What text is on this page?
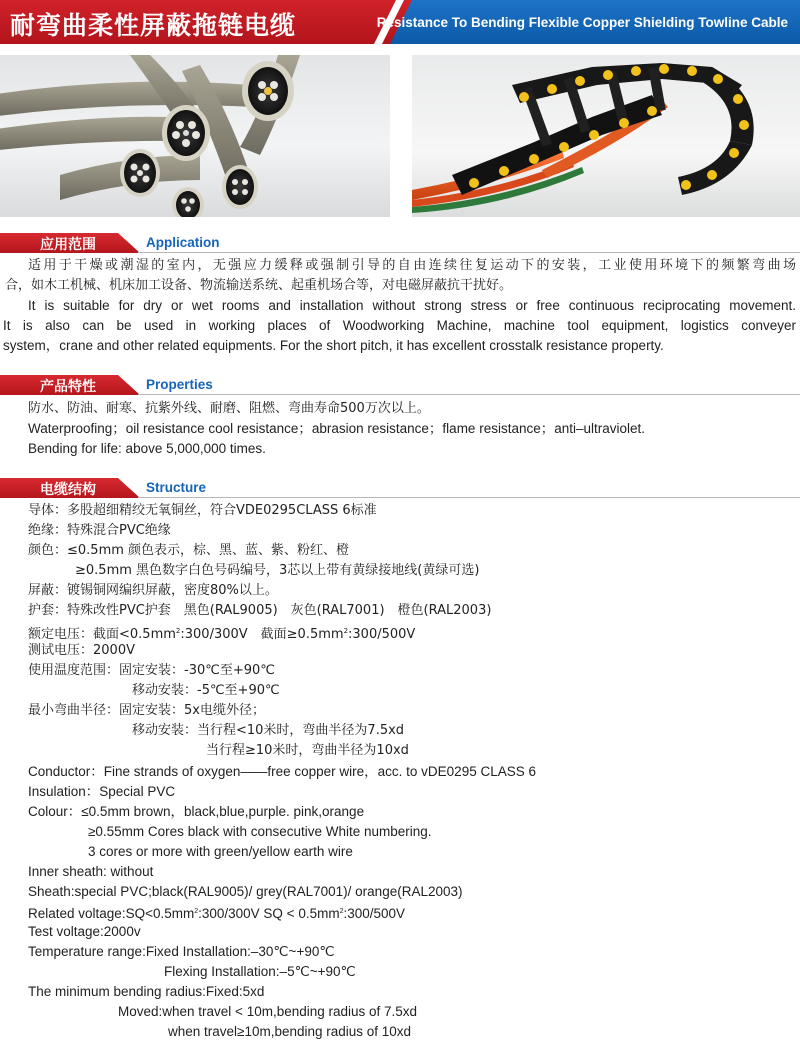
耐弯曲柔性屏蔽拖链电缆	Resistance To Bending Flexible Copper Shielding Towline Cable
应用范围	Application
适用于干燥或潮湿的室内，无强应力缓释或强制引导的自由连续往复运动下的安装，工业使用环境下的频繁弯曲场
合，如木工机械、机床加工设备、物流输送系统、起重机场合等，对电磁屏蔽抗干扰好。
It is suitable for dry or wet rooms and installation without strong stress or free continuous reciprocating movement.
It is also can be used in working places of Woodworking Machine, machine tool equipment, logistics conveyer
system，crane and other related equipments. For the short pitch, it has excellent crosstalk resistance property.
产品特性	Properties
防水、防油、耐寒、抗紫外线、耐磨、阻燃、弯曲寿命500万次以上。
Waterproofing；oil resistance cool resistance；abrasion resistance；flame resistance；anti–ultraviolet.
Bending for life: above 5,000,000 times.
电缆结构	Structure
导体：多股超细精绞无氧铜丝，符合VDE0295CLASS 6标准
绝缘：特殊混合PVC绝缘
颜色：≤0.5mm 颜色表示，棕、黑、蓝、紫、粉红、橙
≥0.5mm 黑色数字白色号码编号，3芯以上带有黄绿接地线(黄绿可选)
屏蔽：镀锡铜网编织屏蔽，密度80%以上。
护套：特殊改性PVC护套　黑色(RAL9005)　灰色(RAL7001)　橙色(RAL2003)
额定电压：截面$<0.5mm^2:300/300V$　截面$\ge 0.5mm^2:300/500V$
测试电压：2000V
使用温度范围：固定安装：-30℃至+90℃
移动安装：-5℃至+90℃
最小弯曲半径：固定安装：5x电缆外径；
移动安装：当行程<10米时，弯曲半径为7.5xd
当行程≥10米时，弯曲半径为10xd
Conductor：Fine strands of oxygen——free copper wire，acc. to vDE0295 CLASS 6
Insulation：Special PVC
Colour：≤0.5mm brown，black,blue,purple. pink,orange
≥0.55mm Cores black with consecutive White numbering.
3 cores or more with green/yellow earth wire
Inner sheath: without
Sheath:special PVC;black(RAL9005)/ grey(RAL7001)/ orange(RAL2003)
Related $voltage:SQ<0.5mm^2:300/300V$ SQ < $0.5mm^2:300/500V$
Test voltage:2000v
Temperature range:Fixed Installation:–30℃~+90℃
Flexing Installation:–5℃~+90℃
The minimum bending radius:Fixed:5xd
Moved:when travel < 10m,bending radius of 7.5xd
when travel≥10m,bending radius of 10xd
